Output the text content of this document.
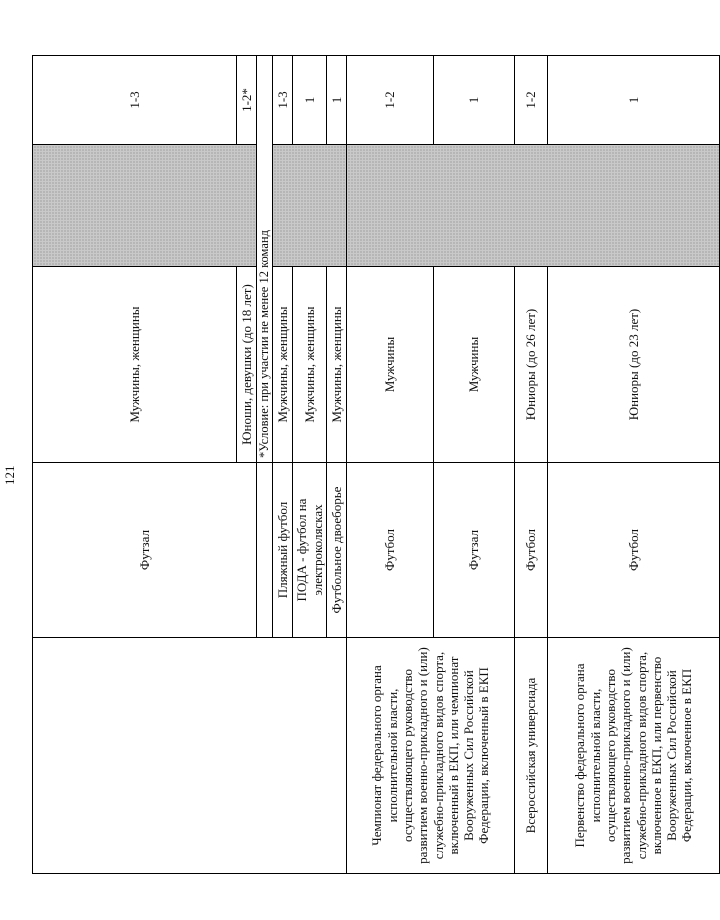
121
	Футзал	Мужчины, женщины		1-3
		Юноши, девушки (до 18 лет)		1-2*
		*Условие: при участии не менее 12 команд		
	Пляжный футбол	Мужчины, женщины		1-3
	ПОДА - футбол на электроколясках	Мужчины, женщины		1
	Футбольное двоеборье	Мужчины, женщины		1
Чемпионат федерального органа исполнительной власти, осуществляющего руководство развитием военно-прикладного и (или) служебно-прикладного видов спорта, включенный в ЕКП, или чемпионат Вооруженных Сил Российской Федерации, включенный в ЕКП	Футбол	Мужчины		1-2
	Футзал	Мужчины		1
Всероссийская универсиада	Футбол	Юниоры (до 26 лет)		1-2
Первенство федерального органа исполнительной власти, осуществляющего руководство развитием военно-прикладного и (или) служебно-прикладного видов спорта, включенное в ЕКП, или первенство Вооруженных Сил Российской Федерации, включенное в ЕКП	Футбол	Юниоры (до 23 лет)		1
